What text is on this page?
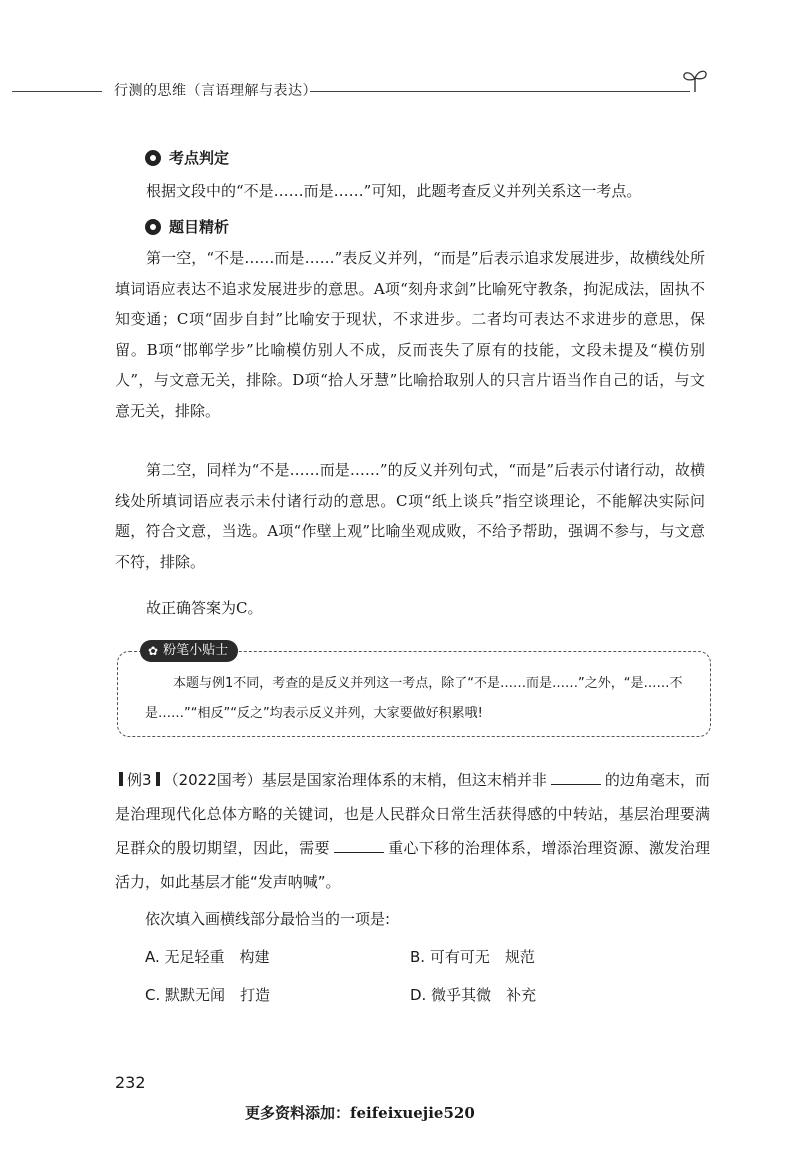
行测的思维（言语理解与表达）
考点判定

根据文段中的“不是……而是……”可知，此题考查反义并列关系这一考点。

题目精析

第一空，“不是……而是……”表反义并列，“而是”后表示追求发展进步，故横线处所填词语应表达不追求发展进步的意思。A项“刻舟求剑”比喻死守教条，拘泥成法，固执不知变通；C项“固步自封”比喻安于现状，不求进步。二者均可表达不求进步的意思，保留。B项“邯郸学步”比喻模仿别人不成，反而丧失了原有的技能，文段未提及“模仿别人”，与文意无关，排除。D项“拾人牙慧”比喻拾取别人的只言片语当作自己的话，与文意无关，排除。

第二空，同样为“不是……而是……”的反义并列句式，“而是”后表示付诸行动，故横线处所填词语应表示未付诸行动的意思。C项“纸上谈兵”指空谈理论，不能解决实际问题，符合文意，当选。A项“作壁上观”比喻坐观成败，不给予帮助，强调不参与，与文意不符，排除。

故正确答案为C。

✿ 粉笔小贴士

本题与例1不同，考查的是反义并列这一考点，除了“不是……而是……”之外，“是……不是……”“相反”“反之”均表示反义并列，大家要做好积累哦!

例3 （2022国考）基层是国家治理体系的末梢，但这末梢并非	的边角毫末，而是治理现代化总体方略的关键词，也是人民群众日常生活获得感的中转站，基层治理要满足群众的殷切期望，因此，需要	重心下移的治理体系，增添治理资源、激发治理活力，如此基层才能“发声呐喊”。

依次填入画横线部分最恰当的一项是:
A. 无足轻重　构建	B. 可有可无　规范
C. 默默无闻　打造	D. 微乎其微　补充
232
更多资料添加：feifeixuejie520
